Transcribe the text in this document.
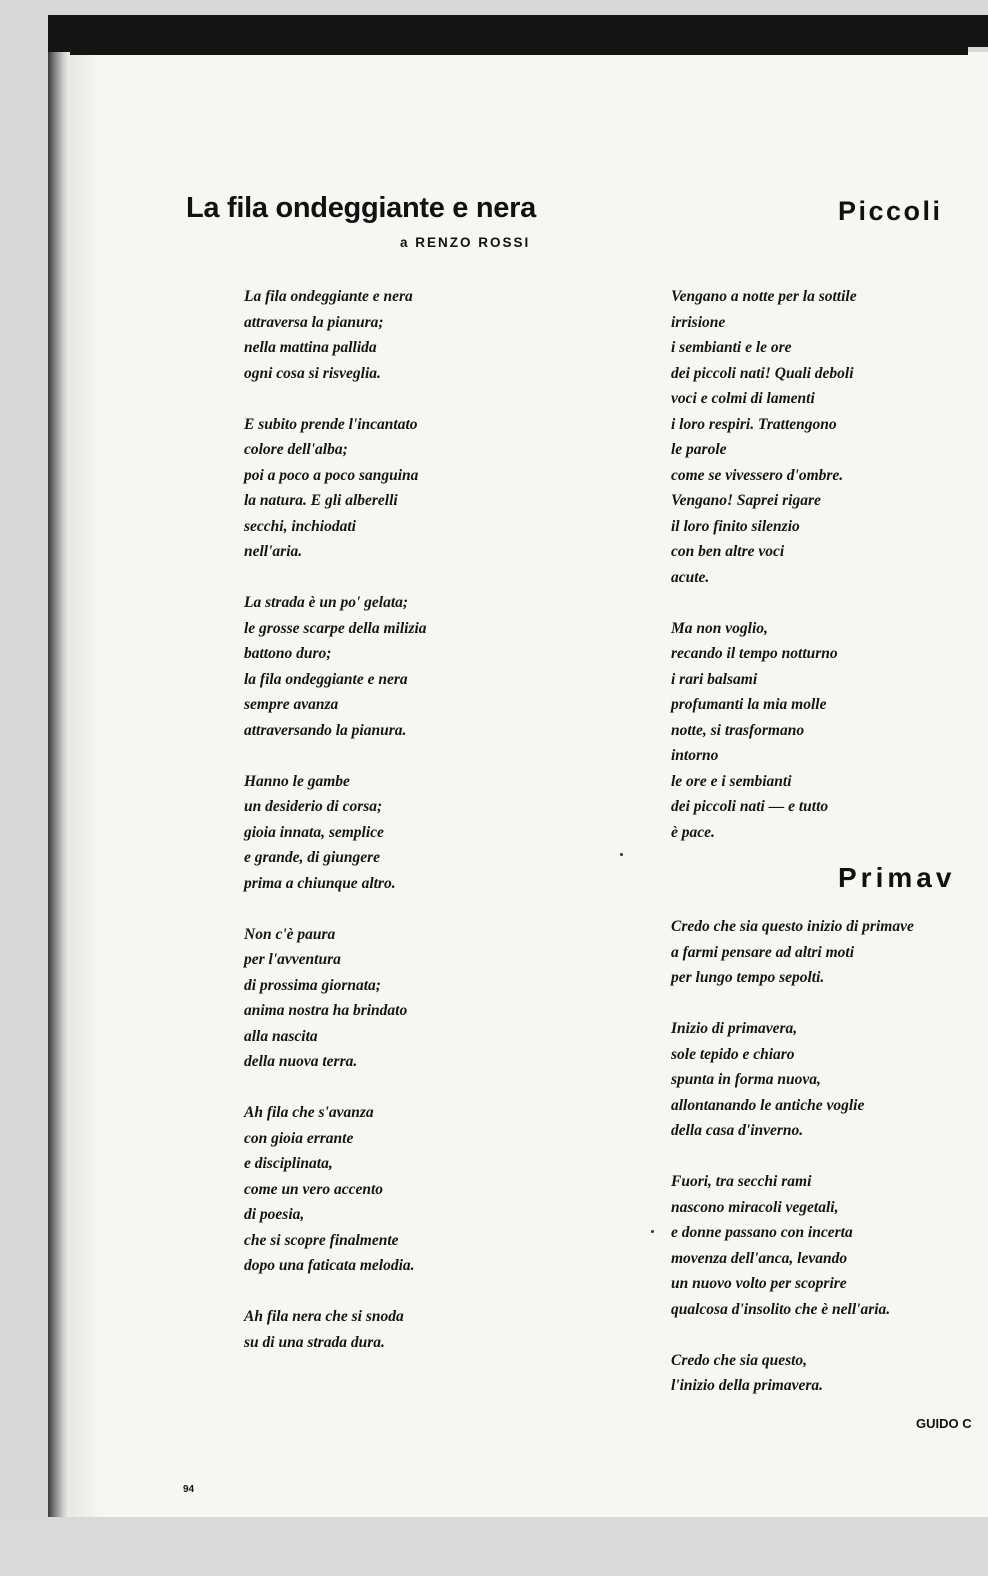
La fila ondeggiante e nera
a RENZO ROSSI
La fila ondeggiante e nera
attraversa la pianura;
nella mattina pallida
ogni cosa si risveglia.
E subito prende l'incantato
colore dell'alba;
poi a poco a poco sanguina
la natura. E gli alberelli
secchi, inchiodati
nell'aria.
La strada è un po' gelata;
le grosse scarpe della milizia
battono duro;
la fila ondeggiante e nera
sempre avanza
attraversando la pianura.
Hanno le gambe
un desiderio di corsa;
gioia innata, semplice
e grande, di giungere
prima a chiunque altro.
Non c'è paura
per l'avventura
di prossima giornata;
anima nostra ha brindato
alla nascita
della nuova terra.
Ah fila che s'avanza
con gioia errante
e disciplinata,
come un vero accento
di poesia,
che si scopre finalmente
dopo una faticata melodia.
Ah fila nera che si snoda
su di una strada dura.
Piccoli
Vengano a notte per la sottile
irrisione
i sembianti e le ore
dei piccoli nati! Quali deboli
voci e colmi di lamenti
i loro respiri. Trattengono
le parole
come se vivessero d'ombre.
Vengano! Saprei rigare
il loro finito silenzio
con ben altre voci
acute.
Ma non voglio,
recando il tempo notturno
i rari balsami
profumanti la mia molle
notte, si trasformano
intorno
le ore e i sembianti
dei piccoli nati — e tutto
è pace.
Primav
Credo che sia questo inizio di primave
a farmi pensare ad altri moti
per lungo tempo sepolti.
Inizio di primavera,
sole tepido e chiaro
spunta in forma nuova,
allontanando le antiche voglie
della casa d'inverno.
Fuori, tra secchi rami
nascono miracoli vegetali,
e donne passano con incerta
movenza dell'anca, levando
un nuovo volto per scoprire
qualcosa d'insolito che è nell'aria.
Credo che sia questo,
l'inizio della primavera.
GUIDO C
94
